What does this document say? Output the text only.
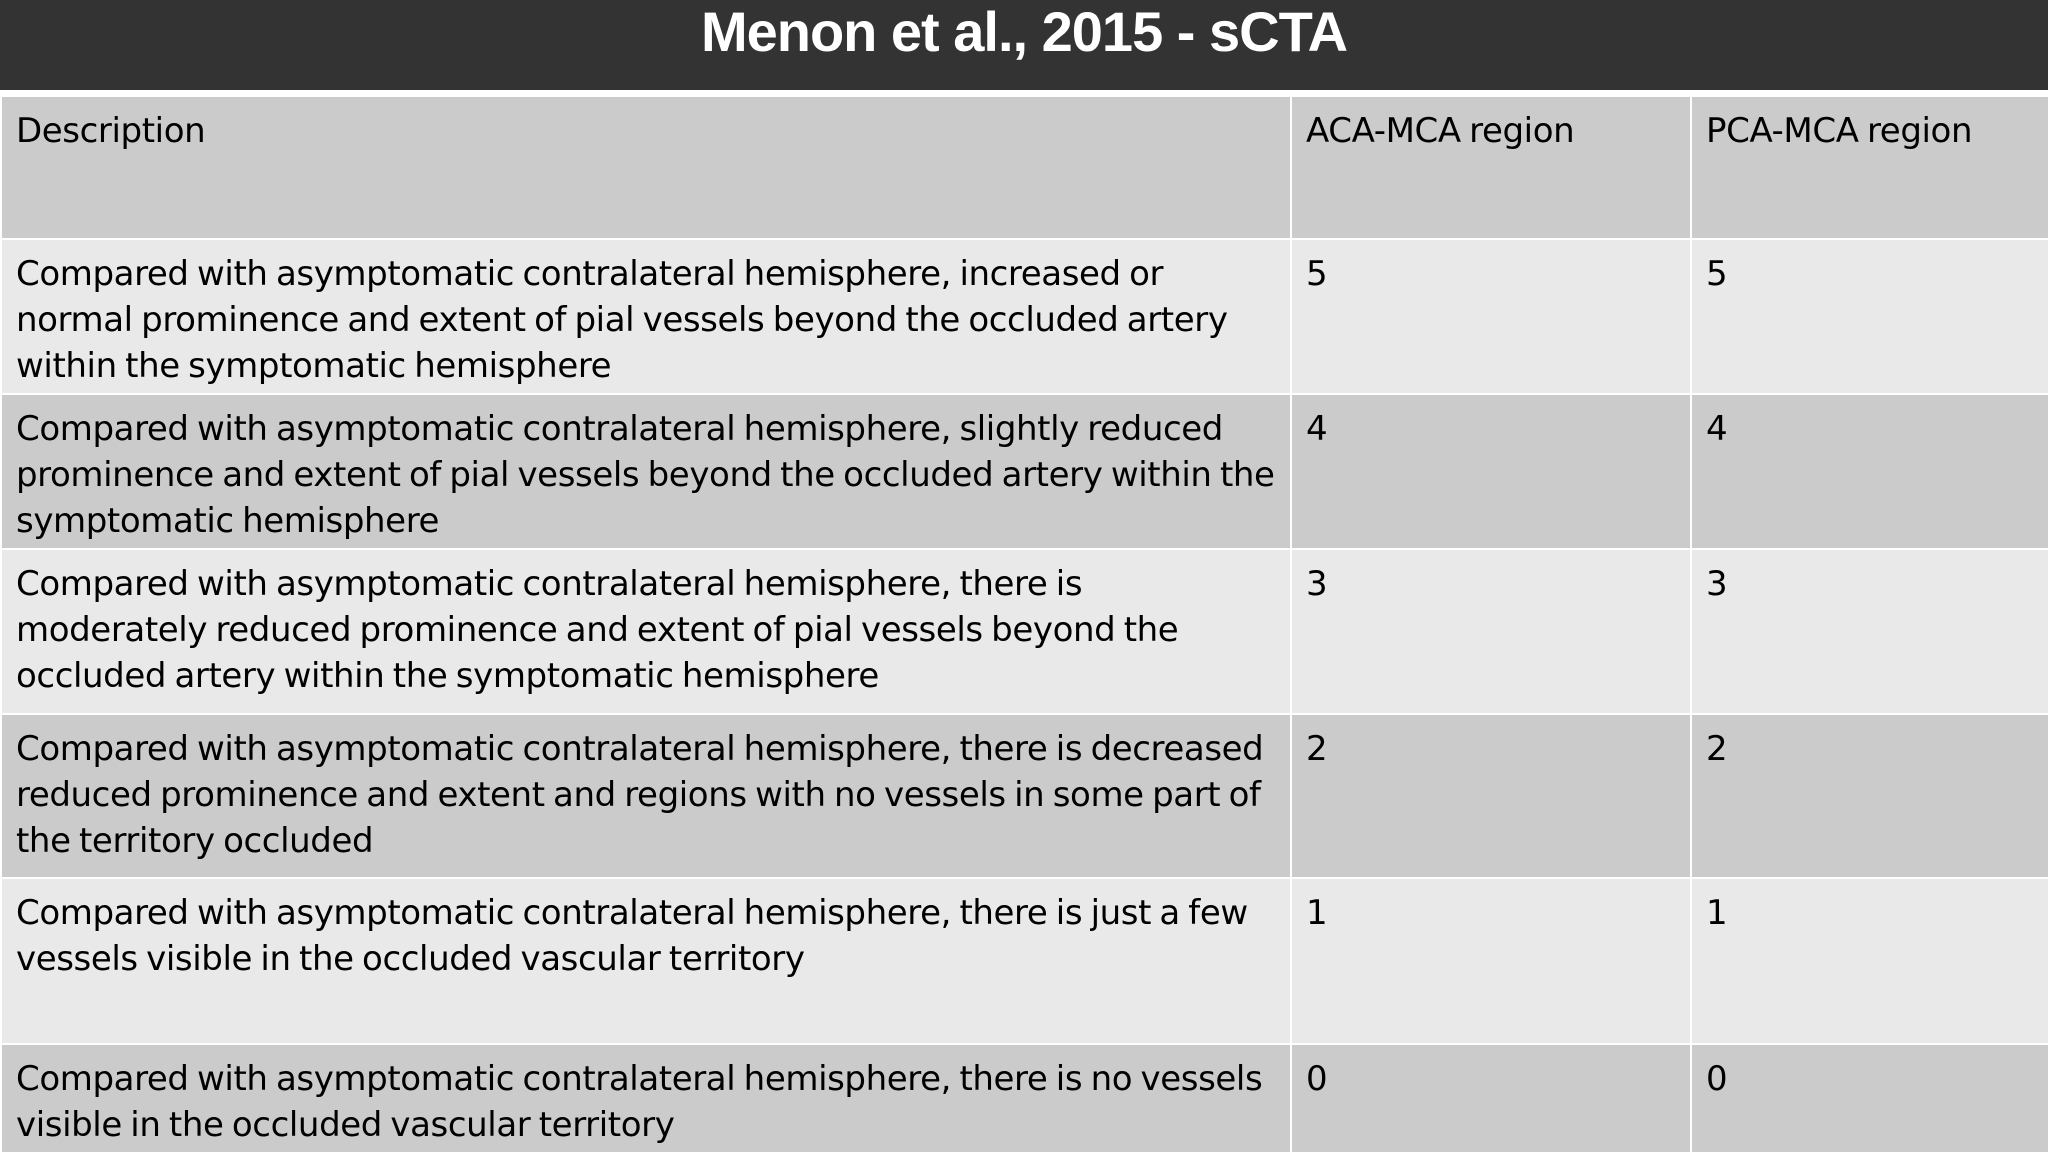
Menon et al., 2015 - sCTA
Description	ACA-MCA region	PCA-MCA region
Compared with asymptomatic contralateral hemisphere, increased or normal prominence and extent of pial vessels beyond the occluded artery within the symptomatic hemisphere	5	5
Compared with asymptomatic contralateral hemisphere, slightly reduced prominence and extent of pial vessels beyond the occluded artery within the symptomatic hemisphere	4	4
Compared with asymptomatic contralateral hemisphere, there is moderately reduced prominence and extent of pial vessels beyond the occluded artery within the symptomatic hemisphere	3	3
Compared with asymptomatic contralateral hemisphere, there is decreased reduced prominence and extent and regions with no vessels in some part of the territory occluded	2	2
Compared with asymptomatic contralateral hemisphere, there is just a few vessels visible in the occluded vascular territory	1	1
Compared with asymptomatic contralateral hemisphere, there is no vessels visible in the occluded vascular territory	0	0
